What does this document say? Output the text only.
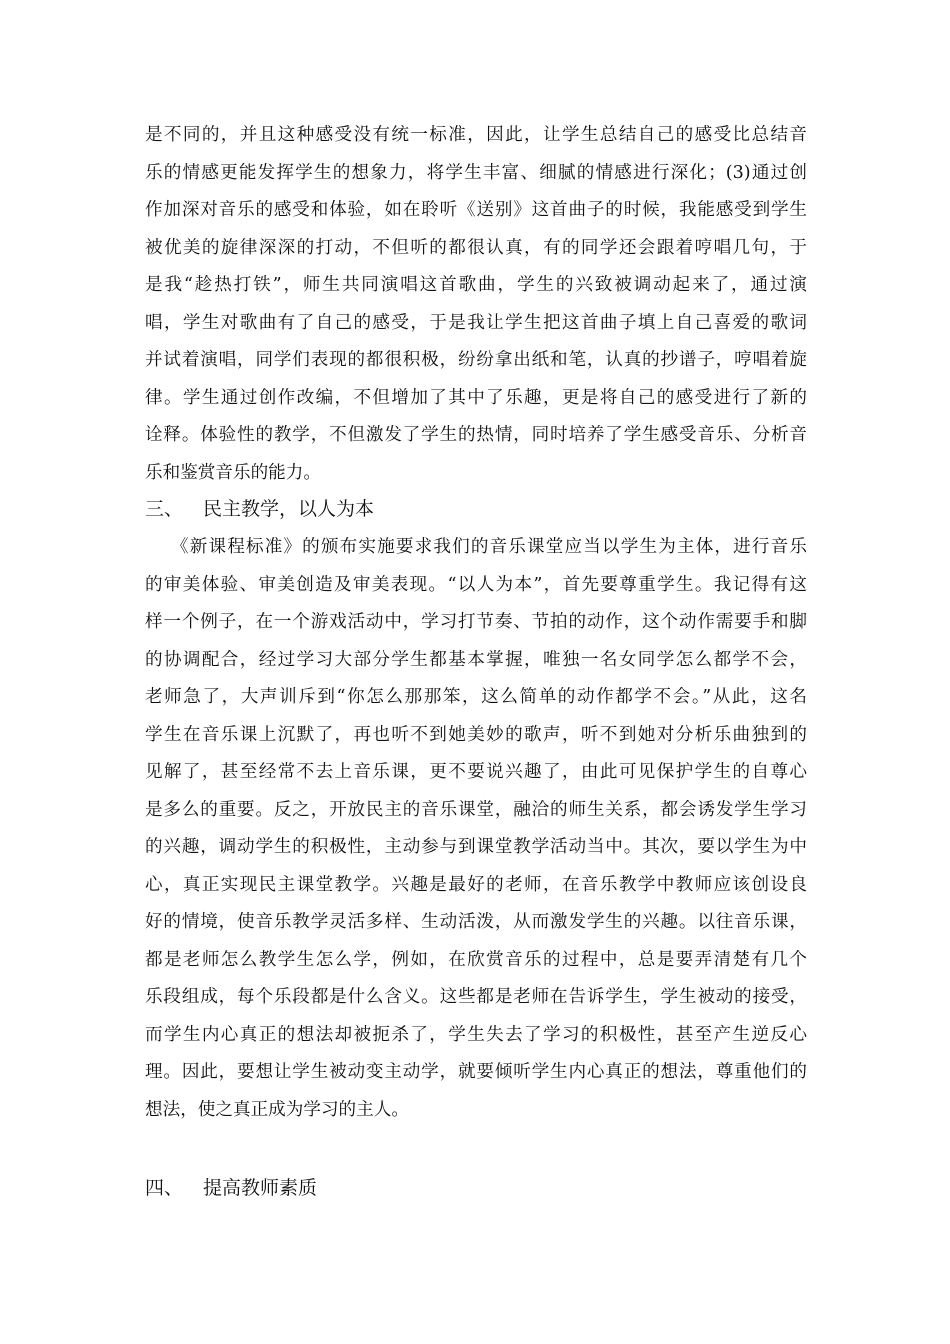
是不同的，并且这种感受没有统一标准，因此，让学生总结自己的感受比总结音
乐的情感更能发挥学生的想象力，将学生丰富、细腻的情感进行深化；(3)通过创
作加深对音乐的感受和体验，如在聆听《送别》这首曲子的时候，我能感受到学生
被优美的旋律深深的打动，不但听的都很认真，有的同学还会跟着哼唱几句，于
是我“趁热打铁”，师生共同演唱这首歌曲，学生的兴致被调动起来了，通过演
唱，学生对歌曲有了自己的感受，于是我让学生把这首曲子填上自己喜爱的歌词
并试着演唱，同学们表现的都很积极，纷纷拿出纸和笔，认真的抄谱子，哼唱着旋
律。学生通过创作改编，不但增加了其中了乐趣，更是将自己的感受进行了新的
诠释。体验性的教学，不但激发了学生的热情，同时培养了学生感受音乐、分析音
乐和鉴赏音乐的能力。
三、 民主教学，以人为本
《新课程标准》的颁布实施要求我们的音乐课堂应当以学生为主体，进行音乐
的审美体验、审美创造及审美表现。“以人为本”，首先要尊重学生。我记得有这
样一个例子，在一个游戏活动中，学习打节奏、节拍的动作，这个动作需要手和脚
的协调配合，经过学习大部分学生都基本掌握，唯独一名女同学怎么都学不会，
老师急了，大声训斥到“你怎么那那笨，这么简单的动作都学不会。”从此，这名
学生在音乐课上沉默了，再也听不到她美妙的歌声，听不到她对分析乐曲独到的
见解了，甚至经常不去上音乐课，更不要说兴趣了，由此可见保护学生的自尊心
是多么的重要。反之，开放民主的音乐课堂，融洽的师生关系，都会诱发学生学习
的兴趣，调动学生的积极性，主动参与到课堂教学活动当中。其次，要以学生为中
心，真正实现民主课堂教学。兴趣是最好的老师，在音乐教学中教师应该创设良
好的情境，使音乐教学灵活多样、生动活泼，从而激发学生的兴趣。以往音乐课，
都是老师怎么教学生怎么学，例如，在欣赏音乐的过程中，总是要弄清楚有几个
乐段组成，每个乐段都是什么含义。这些都是老师在告诉学生，学生被动的接受，
而学生内心真正的想法却被扼杀了，学生失去了学习的积极性，甚至产生逆反心
理。因此，要想让学生被动变主动学，就要倾听学生内心真正的想法，尊重他们的
想法，使之真正成为学习的主人。
四、 提高教师素质
